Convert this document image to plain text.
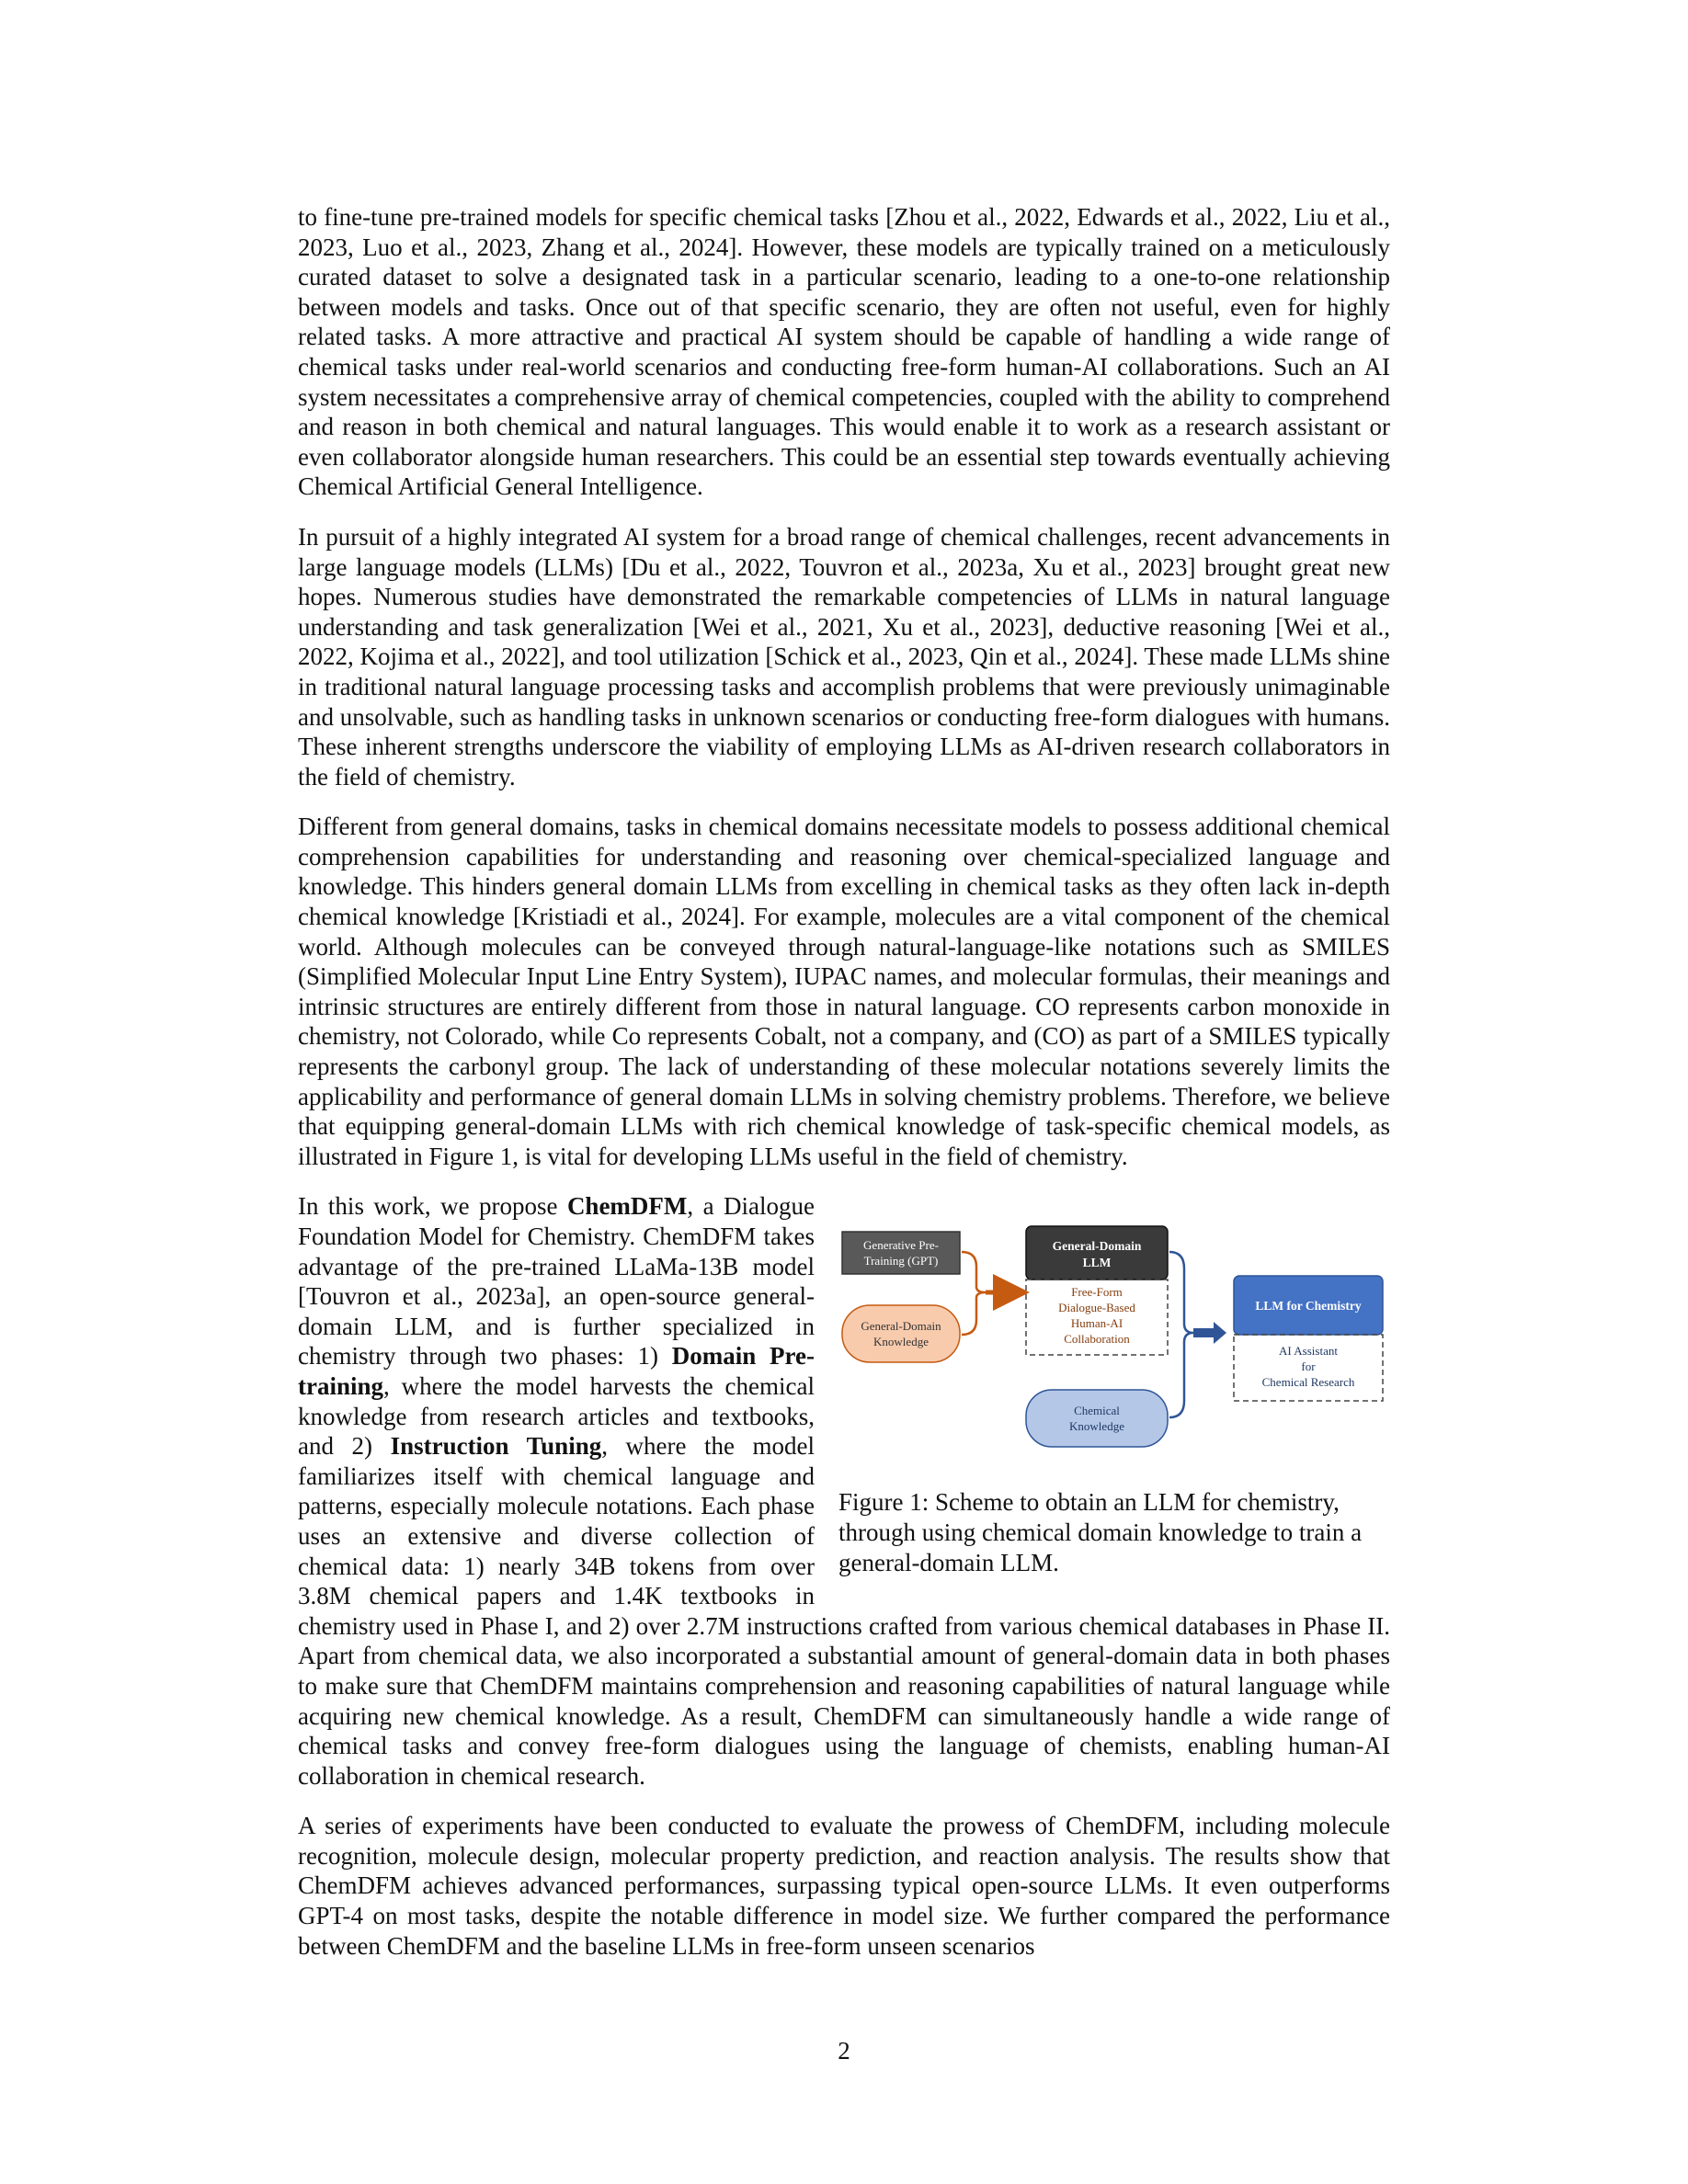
to fine-tune pre-trained models for specific chemical tasks [Zhou et al., 2022, Edwards et al., 2022, Liu et al., 2023, Luo et al., 2023, Zhang et al., 2024]. However, these models are typically trained on a meticulously curated dataset to solve a designated task in a particular scenario, leading to a one-to-one relationship between models and tasks. Once out of that specific scenario, they are often not useful, even for highly related tasks. A more attractive and practical AI system should be capable of handling a wide range of chemical tasks under real-world scenarios and conducting free-form human-AI collaborations. Such an AI system necessitates a comprehensive array of chemical competencies, coupled with the ability to comprehend and reason in both chemical and natural languages. This would enable it to work as a research assistant or even collaborator alongside human researchers. This could be an essential step towards eventually achieving Chemical Artificial General Intelligence.

In pursuit of a highly integrated AI system for a broad range of chemical challenges, recent advancements in large language models (LLMs) [Du et al., 2022, Touvron et al., 2023a, Xu et al., 2023] brought great new hopes. Numerous studies have demonstrated the remarkable competencies of LLMs in natural language understanding and task generalization [Wei et al., 2021, Xu et al., 2023], deductive reasoning [Wei et al., 2022, Kojima et al., 2022], and tool utilization [Schick et al., 2023, Qin et al., 2024]. These made LLMs shine in traditional natural language processing tasks and accomplish problems that were previously unimaginable and unsolvable, such as handling tasks in unknown scenarios or conducting free-form dialogues with humans. These inherent strengths underscore the viability of employing LLMs as AI-driven research collaborators in the field of chemistry.

Different from general domains, tasks in chemical domains necessitate models to possess additional chemical comprehension capabilities for understanding and reasoning over chemical-specialized language and knowledge. This hinders general domain LLMs from excelling in chemical tasks as they often lack in-depth chemical knowledge [Kristiadi et al., 2024]. For example, molecules are a vital component of the chemical world. Although molecules can be conveyed through natural-language-like notations such as SMILES (Simplified Molecular Input Line Entry System), IUPAC names, and molecular formulas, their meanings and intrinsic structures are entirely different from those in natural language. CO represents carbon monoxide in chemistry, not Colorado, while Co represents Cobalt, not a company, and (CO) as part of a SMILES typically represents the carbonyl group. The lack of understanding of these molecular notations severely limits the applicability and performance of general domain LLMs in solving chemistry problems. Therefore, we believe that equipping general-domain LLMs with rich chemical knowledge of task-specific chemical models, as illustrated in Figure 1, is vital for developing LLMs useful in the field of chemistry.

Generative Pre-
Training (GPT)
General-Domain
Knowledge
General-Domain
LLM
Free-Form
Dialogue-Based
Human-AI
Collaboration
Chemical
Knowledge
LLM for Chemistry
AI Assistant
for
Chemical Research
Figure 1: Scheme to obtain an LLM for chemistry, through using chemical domain knowledge to train a general-domain LLM.

In this work, we propose ChemDFM, a Dialogue Foundation Model for Chemistry. ChemDFM takes advantage of the pre-trained LLaMa-13B model [Touvron et al., 2023a], an open-source general-domain LLM, and is further specialized in chemistry through two phases: 1) Domain Pre-training, where the model harvests the chemical knowledge from research articles and textbooks, and 2) Instruction Tuning, where the model familiarizes itself with chemical language and patterns, especially molecule notations. Each phase uses an extensive and diverse collection of chemical data: 1) nearly 34B tokens from over 3.8M chemical papers and 1.4K textbooks in chemistry used in Phase I, and 2) over 2.7M instructions crafted from various chemical databases in Phase II. Apart from chemical data, we also incorporated a substantial amount of general-domain data in both phases to make sure that ChemDFM maintains comprehension and reasoning capabilities of natural language while acquiring new chemical knowledge. As a result, ChemDFM can simultaneously handle a wide range of chemical tasks and convey free-form dialogues using the language of chemists, enabling human-AI collaboration in chemical research.

A series of experiments have been conducted to evaluate the prowess of ChemDFM, including molecule recognition, molecule design, molecular property prediction, and reaction analysis. The results show that ChemDFM achieves advanced performances, surpassing typical open-source LLMs. It even outperforms GPT-4 on most tasks, despite the notable difference in model size. We further compared the performance between ChemDFM and the baseline LLMs in free-form unseen scenarios

2
